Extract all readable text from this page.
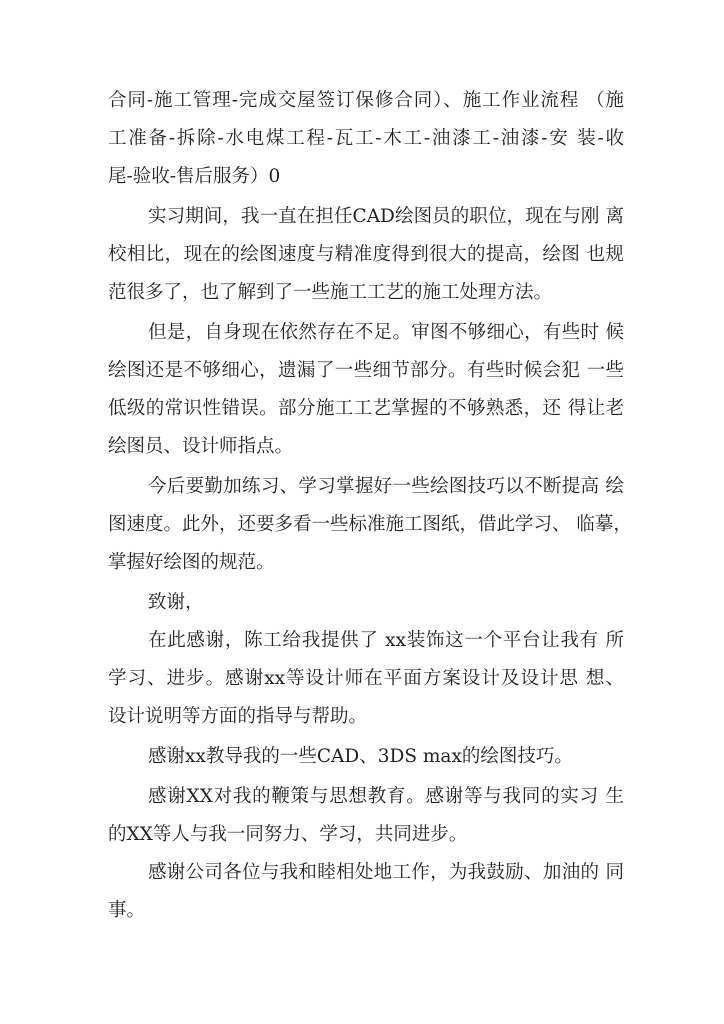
合同-施工管理-完成交屋签订保修合同）、施工作业流程 （施
工准备-拆除-水电煤工程-瓦工-木工-油漆工-油漆-安 装-收
尾-验收-售后服务）0
实习期间，我一直在担任CAD绘图员的职位，现在与刚 离
校相比，现在的绘图速度与精准度得到很大的提高，绘图 也规
范很多了，也了解到了一些施工工艺的施工处理方法。
但是，自身现在依然存在不足。审图不够细心，有些时 候
绘图还是不够细心，遗漏了一些细节部分。有些时候会犯 一些
低级的常识性错误。部分施工工艺掌握的不够熟悉，还 得让老
绘图员、设计师指点。
今后要勤加练习、学习掌握好一些绘图技巧以不断提高 绘
图速度。此外，还要多看一些标准施工图纸，借此学习、 临摹，
掌握好绘图的规范。
致谢，
在此感谢，陈工给我提供了 xx装饰这一个平台让我有 所
学习、进步。感谢xx等设计师在平面方案设计及设计思 想、
设计说明等方面的指导与帮助。
感谢xx教导我的一些CAD、3DS max的绘图技巧。
感谢XX对我的鞭策与思想教育。感谢等与我同的实习 生
的XX等人与我一同努力、学习，共同进步。
感谢公司各位与我和睦相处地工作，为我鼓励、加油的 同
事。
